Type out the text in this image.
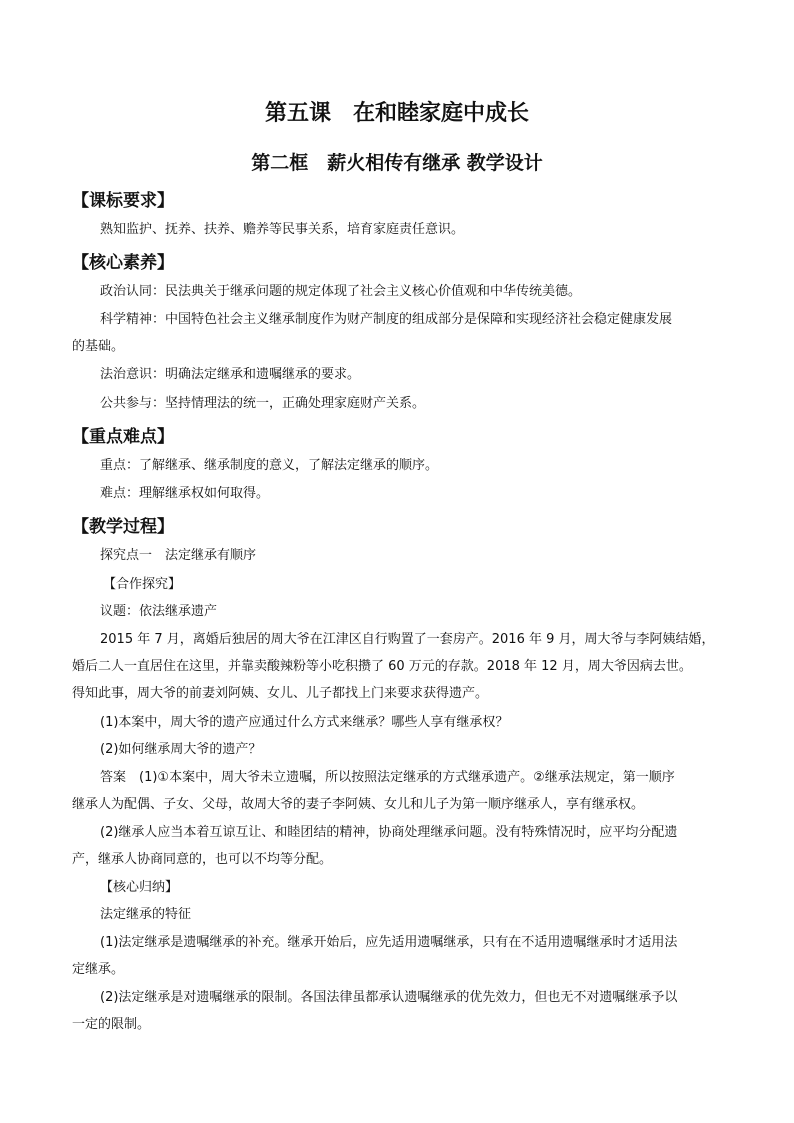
第五课　在和睦家庭中成长
第二框　薪火相传有继承 教学设计
【课标要求】
熟知监护、抚养、扶养、赡养等民事关系，培育家庭责任意识。
【核心素养】
政治认同：民法典关于继承问题的规定体现了社会主义核心价值观和中华传统美德。
科学精神：中国特色社会主义继承制度作为财产制度的组成部分是保障和实现经济社会稳定健康发展
的基础。
法治意识：明确法定继承和遗嘱继承的要求。
公共参与：坚持情理法的统一，正确处理家庭财产关系。
【重点难点】
重点：了解继承、继承制度的意义，了解法定继承的顺序。
难点：理解继承权如何取得。
【教学过程】
探究点一　法定继承有顺序
【合作探究】
议题：依法继承遗产
2015 年 7 月，离婚后独居的周大爷在江津区自行购置了一套房产。2016 年 9 月，周大爷与李阿姨结婚，
婚后二人一直居住在这里，并靠卖酸辣粉等小吃积攒了 60 万元的存款。2018 年 12 月，周大爷因病去世。
得知此事，周大爷的前妻刘阿姨、女儿、儿子都找上门来要求获得遗产。
(1)本案中，周大爷的遗产应通过什么方式来继承？哪些人享有继承权？
(2)如何继承周大爷的遗产？
答案　(1)①本案中，周大爷未立遗嘱，所以按照法定继承的方式继承遗产。②继承法规定，第一顺序
继承人为配偶、子女、父母，故周大爷的妻子李阿姨、女儿和儿子为第一顺序继承人，享有继承权。
(2)继承人应当本着互谅互让、和睦团结的精神，协商处理继承问题。没有特殊情况时，应平均分配遗
产，继承人协商同意的，也可以不均等分配。
【核心归纳】
法定继承的特征
(1)法定继承是遗嘱继承的补充。继承开始后，应先适用遗嘱继承，只有在不适用遗嘱继承时才适用法
定继承。
(2)法定继承是对遗嘱继承的限制。各国法律虽都承认遗嘱继承的优先效力，但也无不对遗嘱继承予以
一定的限制。
